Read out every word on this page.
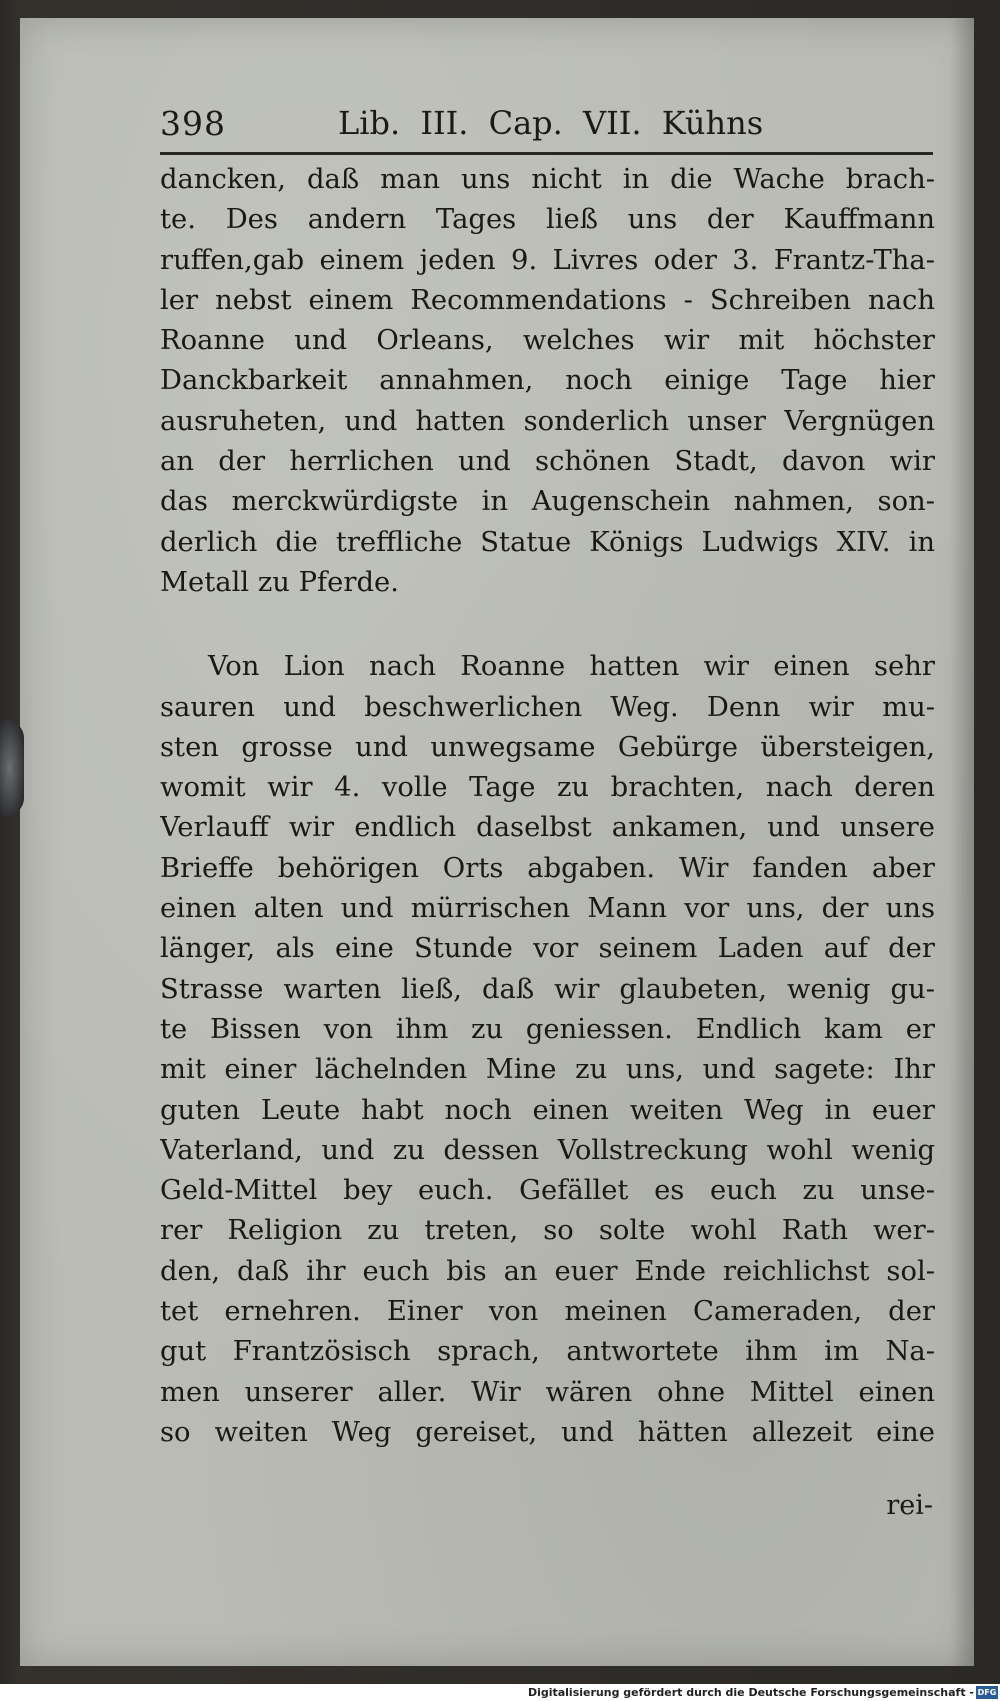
398	Lib. III. Cap. VII. Kühns
dancken, daß man uns nicht in die Wache brach-
te. Des andern Tages ließ uns der Kauffmann
ruffen,gab einem jeden 9. Livres oder 3. Frantz-Tha-
ler nebst einem Recommendations - Schreiben nach
Roanne und Orleans, welches wir mit höchster
Danckbarkeit annahmen, noch einige Tage hier
ausruheten, und hatten sonderlich unser Vergnügen
an der herrlichen und schönen Stadt, davon wir
das merckwürdigste in Augenschein nahmen, son-
derlich die treffliche Statue Königs Ludwigs XIV. in
Metall zu Pferde.
Von Lion nach Roanne hatten wir einen sehr
sauren und beschwerlichen Weg. Denn wir mu-
sten grosse und unwegsame Gebürge übersteigen,
womit wir 4. volle Tage zu brachten, nach deren
Verlauff wir endlich daselbst ankamen, und unsere
Brieffe behörigen Orts abgaben. Wir fanden aber
einen alten und mürrischen Mann vor uns, der uns
länger, als eine Stunde vor seinem Laden auf der
Strasse warten ließ, daß wir glaubeten, wenig gu-
te Bissen von ihm zu geniessen. Endlich kam er
mit einer lächelnden Mine zu uns, und sagete: Ihr
guten Leute habt noch einen weiten Weg in euer
Vaterland, und zu dessen Vollstreckung wohl wenig
Geld-Mittel bey euch. Gefället es euch zu unse-
rer Religion zu treten, so solte wohl Rath wer-
den, daß ihr euch bis an euer Ende reichlichst sol-
tet ernehren. Einer von meinen Cameraden, der
gut Frantzösisch sprach, antwortete ihm im Na-
men unserer aller. Wir wären ohne Mittel einen
so weiten Weg gereiset, und hätten allezeit eine
rei-
Digitalisierung gefördert durch die Deutsche Forschungsgemeinschaft - DFG
